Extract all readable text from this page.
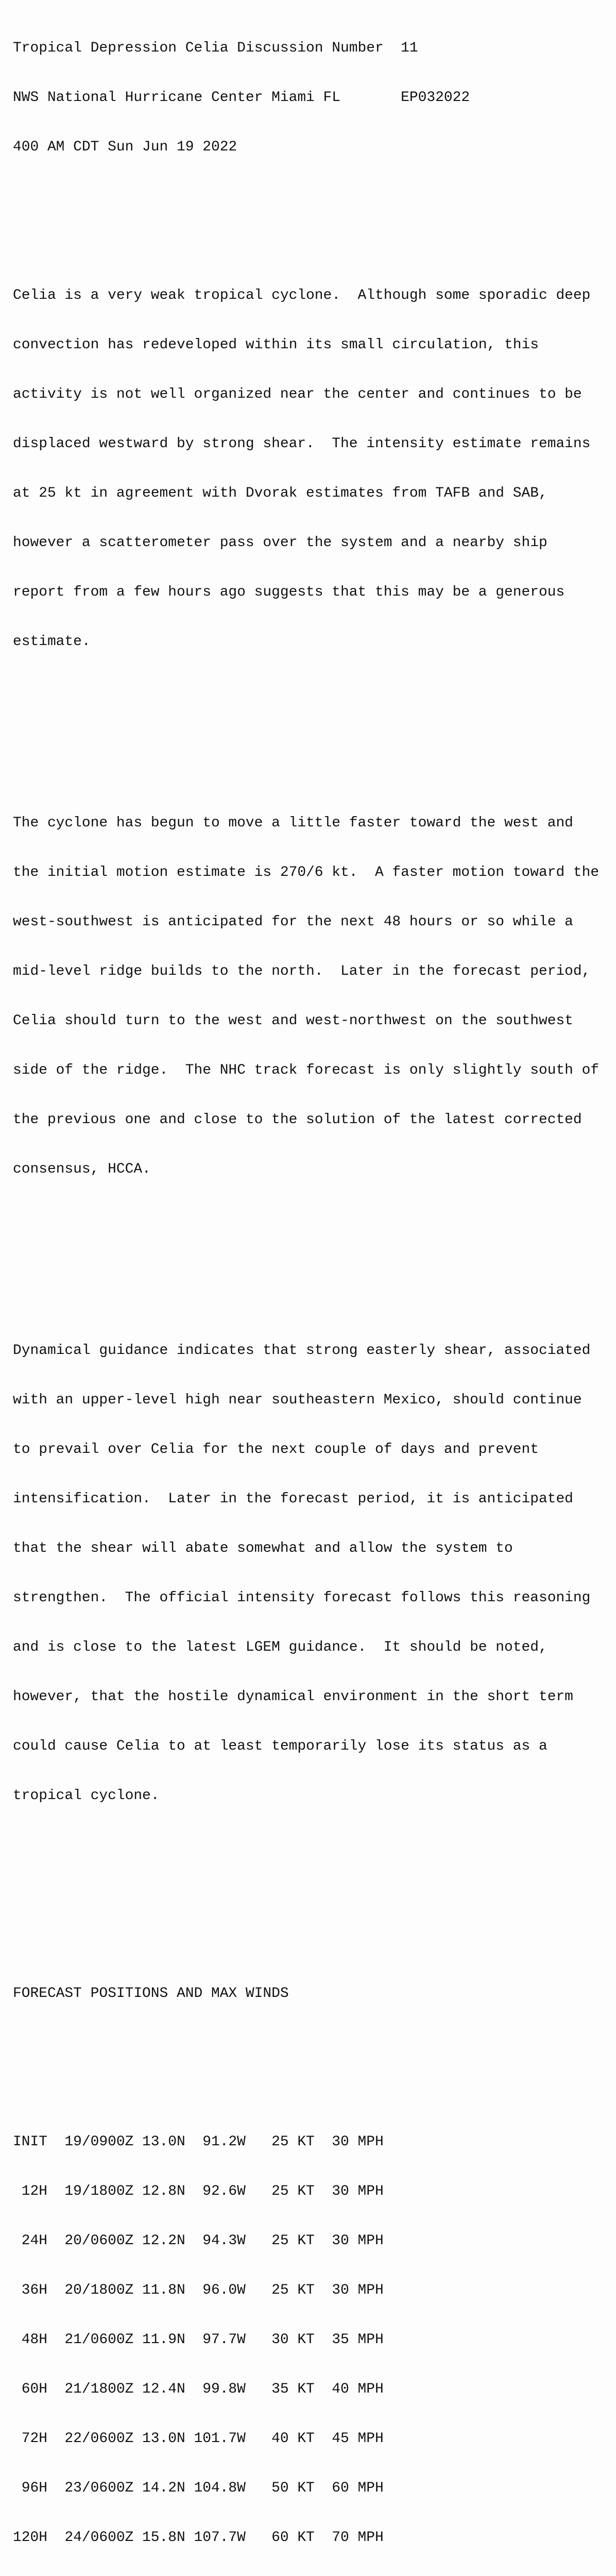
Tropical Depression Celia Discussion Number  11

NWS National Hurricane Center Miami FL       EP032022

400 AM CDT Sun Jun 19 2022

Celia is a very weak tropical cyclone.  Although some sporadic deep

convection has redeveloped within its small circulation, this

activity is not well organized near the center and continues to be

displaced westward by strong shear.  The intensity estimate remains

at 25 kt in agreement with Dvorak estimates from TAFB and SAB,

however a scatterometer pass over the system and a nearby ship

report from a few hours ago suggests that this may be a generous

estimate.

The cyclone has begun to move a little faster toward the west and

the initial motion estimate is 270/6 kt.  A faster motion toward the

west-southwest is anticipated for the next 48 hours or so while a

mid-level ridge builds to the north.  Later in the forecast period,

Celia should turn to the west and west-northwest on the southwest

side of the ridge.  The NHC track forecast is only slightly south of

the previous one and close to the solution of the latest corrected

consensus, HCCA.

Dynamical guidance indicates that strong easterly shear, associated

with an upper-level high near southeastern Mexico, should continue

to prevail over Celia for the next couple of days and prevent

intensification.  Later in the forecast period, it is anticipated

that the shear will abate somewhat and allow the system to

strengthen.  The official intensity forecast follows this reasoning

and is close to the latest LGEM guidance.  It should be noted,

however, that the hostile dynamical environment in the short term

could cause Celia to at least temporarily lose its status as a

tropical cyclone.

FORECAST POSITIONS AND MAX WINDS

INIT  19/0900Z 13.0N  91.2W   25 KT  30 MPH

12H  19/1800Z 12.8N  92.6W   25 KT  30 MPH

24H  20/0600Z 12.2N  94.3W   25 KT  30 MPH

36H  20/1800Z 11.8N  96.0W   25 KT  30 MPH

48H  21/0600Z 11.9N  97.7W   30 KT  35 MPH

60H  21/1800Z 12.4N  99.8W   35 KT  40 MPH

72H  22/0600Z 13.0N 101.7W   40 KT  45 MPH

96H  23/0600Z 14.2N 104.8W   50 KT  60 MPH

120H  24/0600Z 15.8N 107.7W   60 KT  70 MPH
